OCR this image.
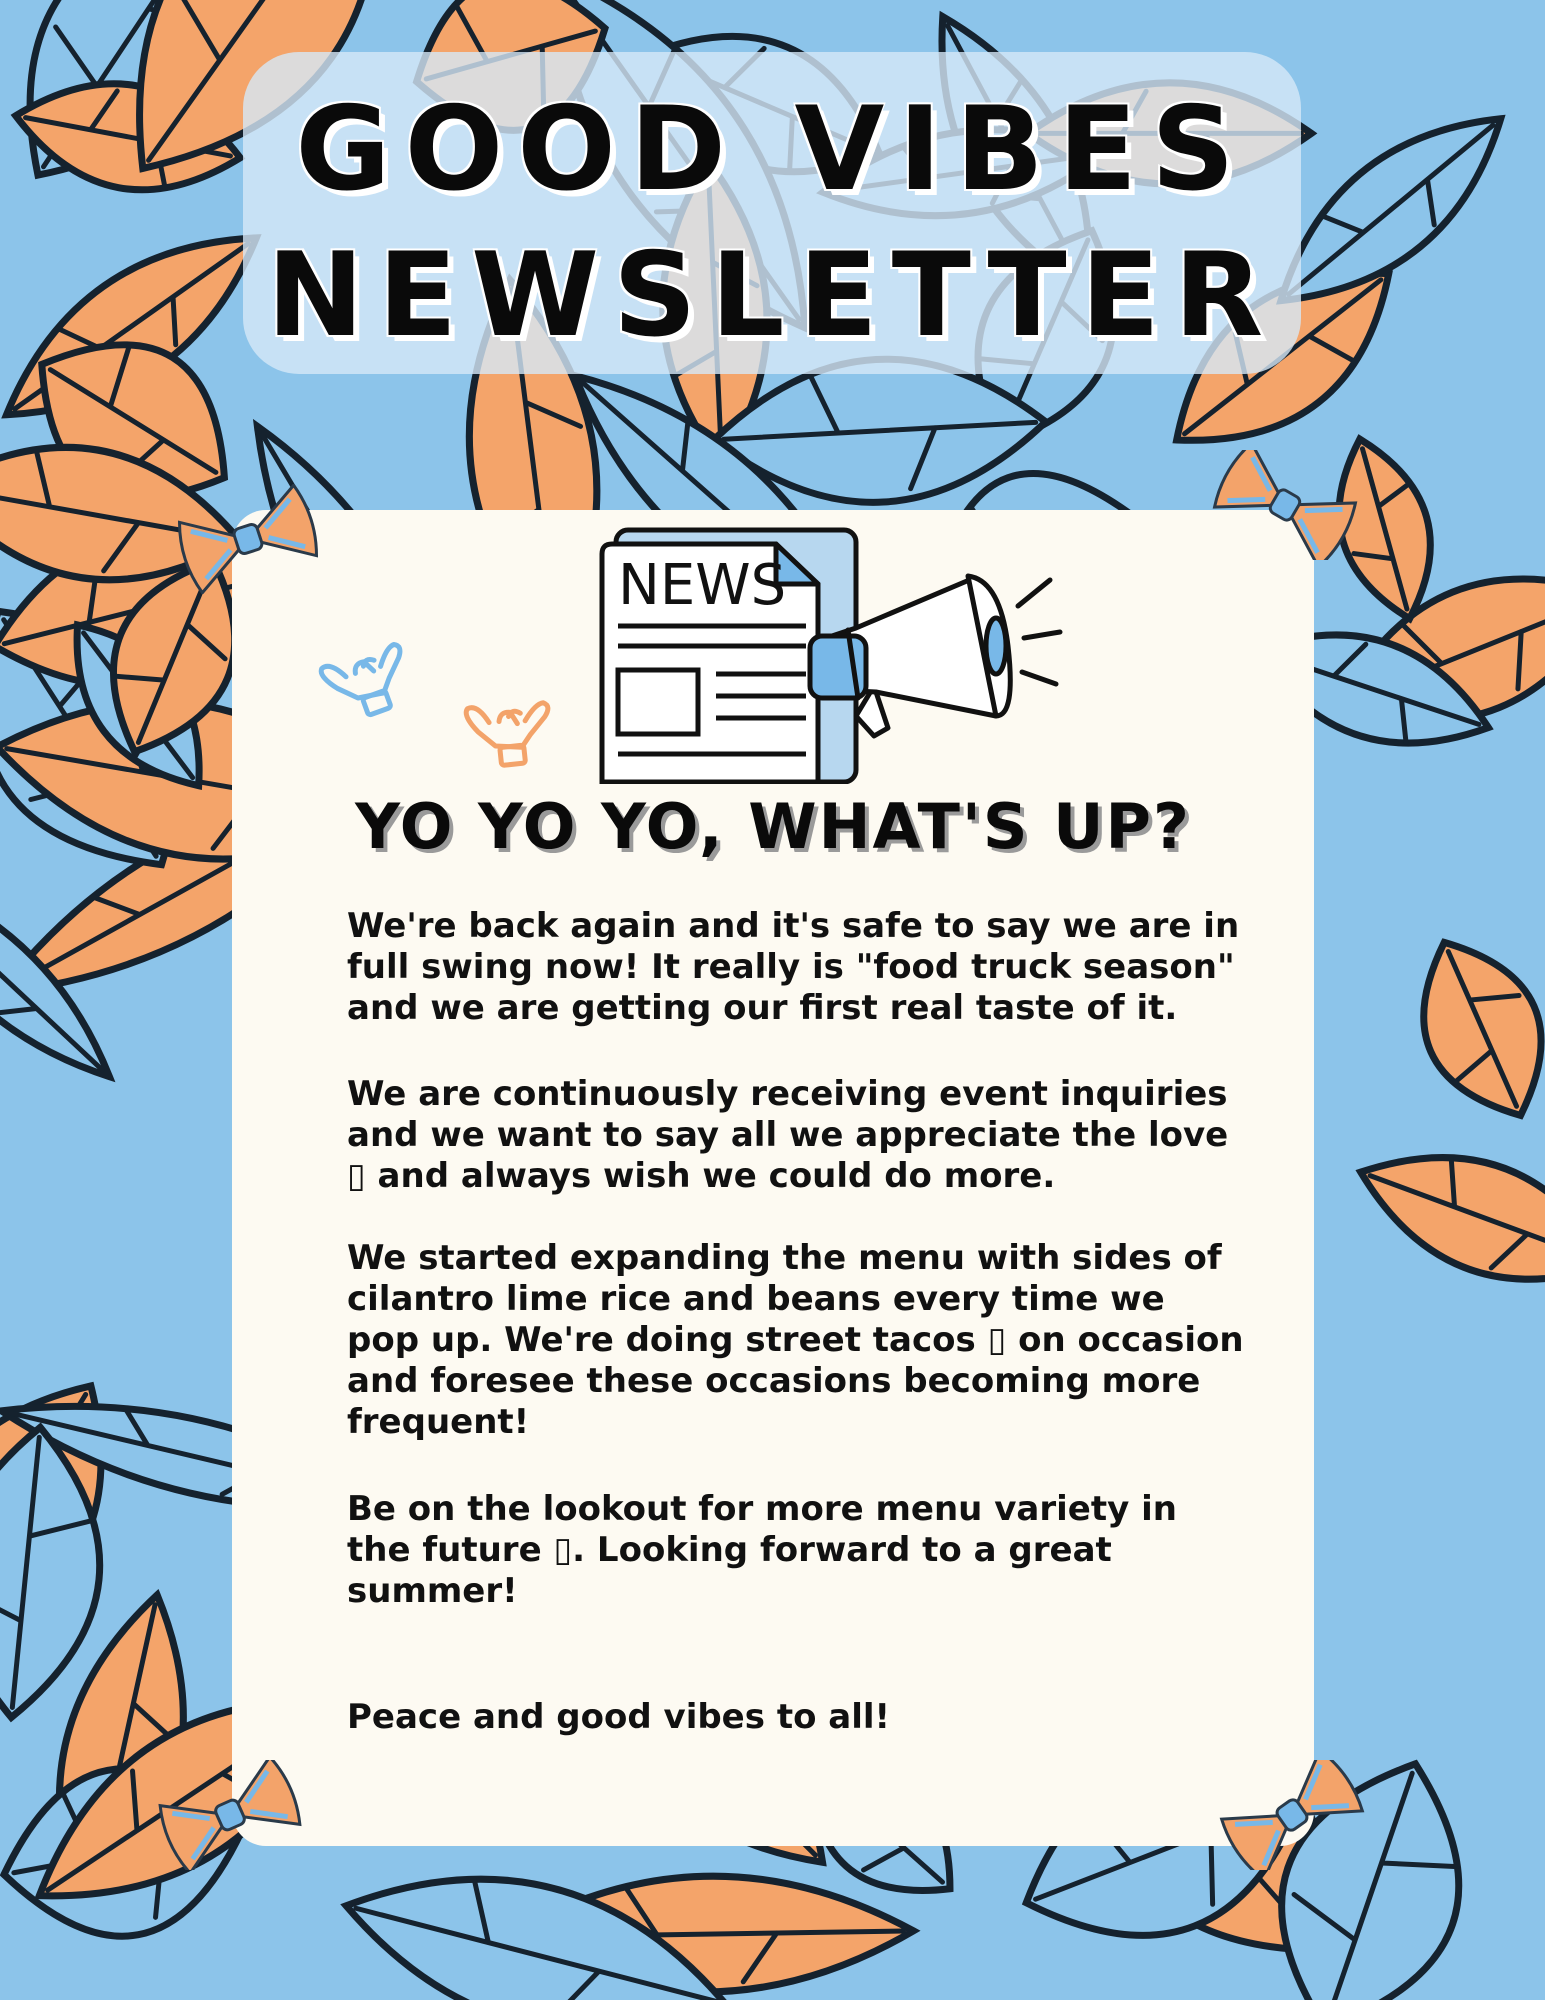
GOOD VIBES
NEWSLETTER
NEWS
YO YO YO, WHAT'S UP?
We're back again and it's safe to say we are in full swing now! It really is "food truck season" and we are getting our first real taste of it.
We are continuously receiving event inquiries and we want to say all we appreciate the love ▯ and always wish we could do more.
We started expanding the menu with sides of cilantro lime rice and beans every time we pop up. We're doing street tacos ▯ on occasion and foresee these occasions becoming more frequent!
Be on the lookout for more menu variety in the future ▯. Looking forward to a great summer!
Peace and good vibes to all!
